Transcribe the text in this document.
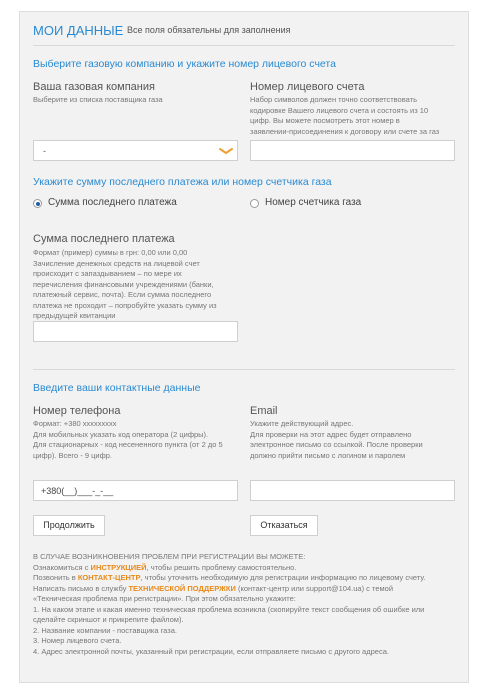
МОИ ДАННЫЕ Все поля обязательны для заполнения
Выберите газовую компанию и укажите номер лицевого счета
Ваша газовая компания
Выберите из списка поставщика газа
-
Номер лицевого счета
Набор символов должен точно соответствовать
кодировке Вашего лицевого счета и состоять из 10
цифр. Вы можете посмотреть этот номер в
заявлении-присоединения к договору или счете за газ
Укажите сумму последнего платежа или номер счетчика газа
Сумма последнего платежа	Номер счетчика газа
Сумма последнего платежа
Формат (пример) суммы в грн: 0,00 или 0,00
Зачисление денежных средств на лицевой счет
происходит с запаздыванием – по мере их
перечисления финансовыми учреждениями (банки,
платежный сервис, почта). Если сумма последнего
платежа не проходит – попробуйте указать сумму из
предыдущей квитанции
Введите ваши контактные данные
Номер телефона
Формат: +380 xxxxxxxxx
Для мобильных указать код оператора (2 цифры).
Для стационарных - код несененного пункта (от 2 до 5
цифр). Всего - 9 цифр.
+380(__)___-_-__
Email
Укажите действующий адрес.
Для проверки на этот адрес будет отправлено
электронное письмо со ссылкой. После проверки
должно прийти письмо с логином и паролем
Продолжить	Отказаться
В СЛУЧАЕ ВОЗНИКНОВЕНИЯ ПРОБЛЕМ ПРИ РЕГИСТРАЦИИ ВЫ МОЖЕТЕ:
Ознакомиться с ИНСТРУКЦИЕЙ, чтобы решить проблему самостоятельно.
Позвонить в КОНТАКТ-ЦЕНТР, чтобы уточнить необходимую для регистрации информацию по лицевому счету.
Написать письмо в службу ТЕХНИЧЕСКОЙ ПОДДЕРЖКИ (контакт-центр или support@104.ua) с темой
«Техническая проблема при регистрации». При этом обязательно укажите:
1. На каком этапе и какая именно техническая проблема возникла (скопируйте текст сообщения об ошибке или
сделайте скриншот и прикрепите файлом).
2. Название компании - поставщика газа.
3. Номер лицевого счета.
4. Адрес электронной почты, указанный при регистрации, если отправляете письмо с другого адреса.
